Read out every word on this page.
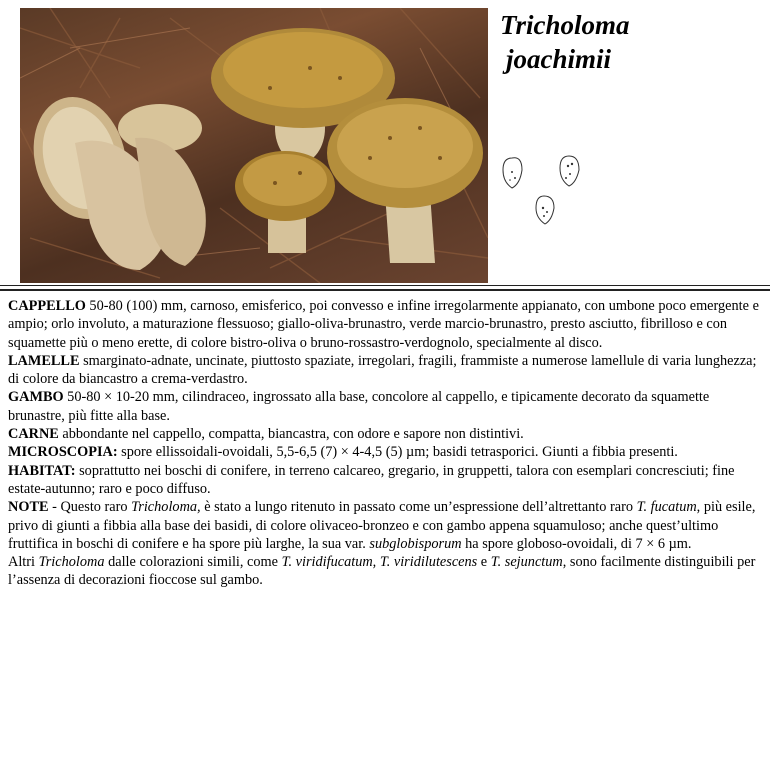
Tricholoma
joachimii

CAPPELLO 50-80 (100) mm, carnoso, emisferico, poi convesso e infine irregolarmente appianato, con umbone poco emergente e ampio; orlo involuto, a maturazione flessuoso; giallo-oliva-brunastro, verde marcio-brunastro, presto asciutto, fibrilloso e con squamette più o meno erette, di colore bistro-oliva o bruno-rossastro-verdognolo, specialmente al disco.

LAMELLE smarginato-adnate, uncinate, piuttosto spaziate, irregolari, fragili, frammiste a numerose lamellule di varia lunghezza; di colore da biancastro a crema-verdastro.

GAMBO 50-80 × 10-20 mm, cilindraceo, ingrossato alla base, concolore al cappello, e tipicamente decorato da squamette brunastre, più fitte alla base.

CARNE abbondante nel cappello, compatta, biancastra, con odore e sapore non distintivi.

MICROSCOPIA: spore ellissoidali-ovoidali, 5,5-6,5 (7) × 4-4,5 (5) µm; basidi tetrasporici. Giunti a fibbia presenti.

HABITAT: soprattutto nei boschi di conifere, in terreno calcareo, gregario, in gruppetti, talora con esemplari concresciuti; fine estate-autunno; raro e poco diffuso.

NOTE - Questo raro Tricholoma, è stato a lungo ritenuto in passato come un’espressione dell’altrettanto raro T. fucatum, più esile, privo di giunti a fibbia alla base dei basidi, di colore olivaceo-bronzeo e con gambo appena squamuloso; anche quest’ultimo fruttifica in boschi di conifere e ha spore più larghe, la sua var. subglobisporum ha spore globoso-ovoidali, di 7 × 6 µm.

Altri Tricholoma dalle colorazioni simili, come T. viridifucatum, T. viridilutescens e T. sejunctum, sono facilmente distinguibili per l’assenza di decorazioni fioccose sul gambo.
